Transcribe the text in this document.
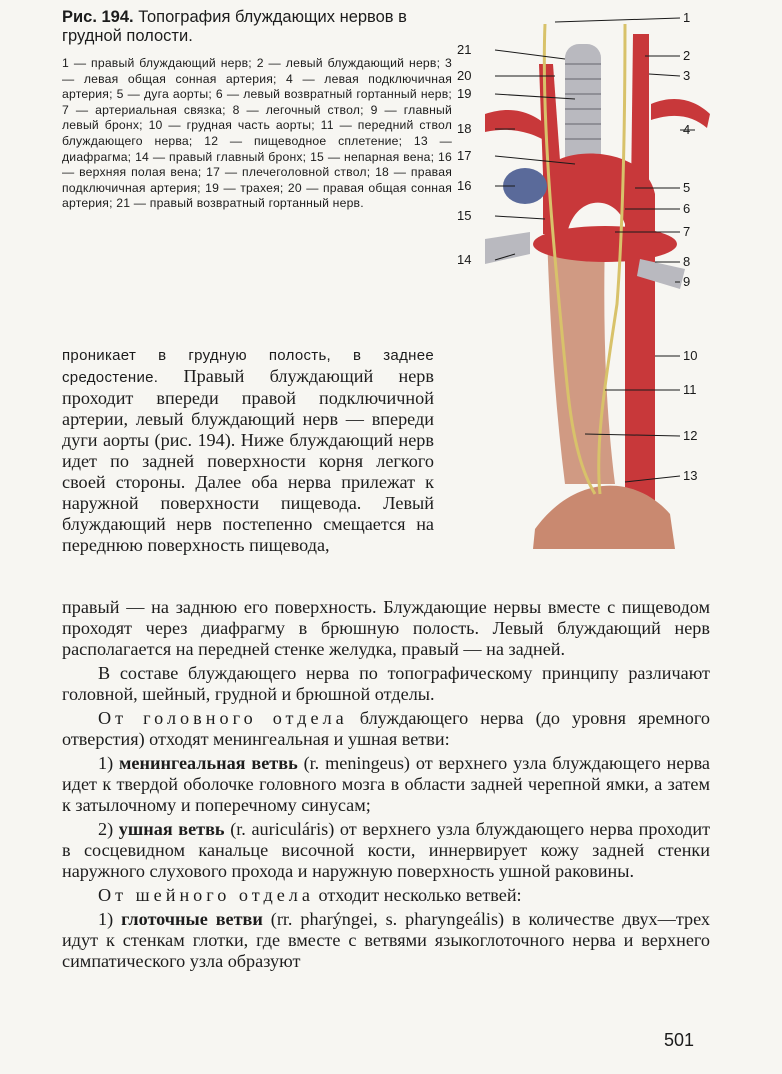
Рис. 194. Топография блуждающих нервов в грудной полости.

1 — правый блуждающий нерв; 2 — левый блуждающий нерв; 3 — левая общая сонная артерия; 4 — левая подключичная артерия; 5 — дуга аорты; 6 — левый возвратный гортанный нерв; 7 — артериальная связка; 8 — легочный ствол; 9 — главный левый бронх; 10 — грудная часть аорты; 11 — передний ствол блуждающего нерва; 12 — пищеводное сплетение; 13 — диафрагма; 14 — правый главный бронх; 15 — непарная вена; 16 — верхняя полая вена; 17 — плечеголовной ствол; 18 — правая подключичная артерия; 19 — трахея; 20 — правая общая сонная артерия; 21 — правый возвратный гортанный нерв.

21
20
19
18
17
16
15
14
1
2
3
4
5
6
7
8
9
10
11
12
13

проникает в грудную полость, в заднее средостение. Правый блуждающий нерв проходит впереди правой подключичной артерии, левый блуждающий нерв — впереди дуги аорты (рис. 194). Ниже блуждающий нерв идет по задней поверхности корня легкого своей стороны. Далее оба нерва прилежат к наружной поверхности пищевода. Левый блуждающий нерв постепенно смещается на переднюю поверхность пищевода,

правый — на заднюю его поверхность. Блуждающие нервы вместе с пищеводом проходят через диафрагму в брюшную полость. Левый блуждающий нерв располагается на передней стенке желудка, правый — на задней.

В составе блуждающего нерва по топографическому принципу различают головной, шейный, грудной и брюшной отделы.

От головного отдела блуждающего нерва (до уровня яремного отверстия) отходят менингеальная и ушная ветви:

1) менингеальная ветвь (r. meningeus) от верхнего узла блуждающего нерва идет к твердой оболочке головного мозга в области задней черепной ямки, а затем к затылочному и поперечному синусам;

2) ушная ветвь (r. auriculáris) от верхнего узла блуждающего нерва проходит в сосцевидном канальце височной кости, иннервирует кожу задней стенки наружного слухового прохода и наружную поверхность ушной раковины.

От шейного отдела отходит несколько ветвей:

1) глоточные ветви (rr. pharýngei, s. pharyngeális) в количестве двух—трех идут к стенкам глотки, где вместе с ветвями языкоглоточного нерва и верхнего симпатического узла образуют

501
